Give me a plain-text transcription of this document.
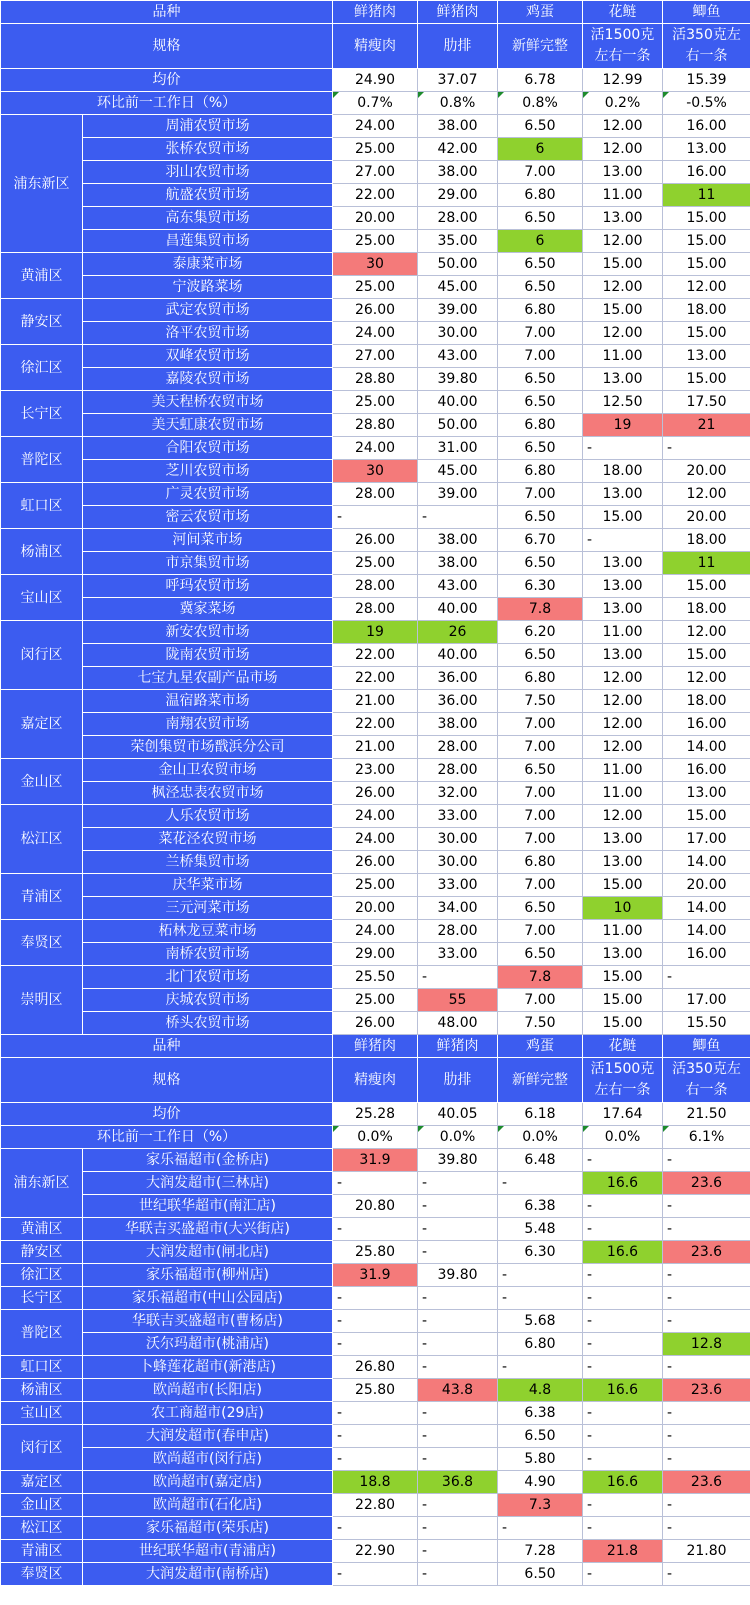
品种		鲜猪肉	鲜猪肉	鸡蛋	花鲢	鲫鱼
规格		精瘦肉	肋排	新鲜完整	活1500克左右一条	活350克左右一条
均价		24.90	37.07	6.78	12.99	15.39
环比前一工作日（%）		0.7%	0.8%	0.8%	0.2%	-0.5%
浦东新区	周浦农贸市场	24.00	38.00	6.50	12.00	16.00
	张桥农贸市场	25.00	42.00	6	12.00	13.00
	羽山农贸市场	27.00	38.00	7.00	13.00	16.00
	航盛农贸市场	22.00	29.00	6.80	11.00	11
	高东集贸市场	20.00	28.00	6.50	13.00	15.00
	昌莲集贸市场	25.00	35.00	6	12.00	15.00
黄浦区	泰康菜市场	30	50.00	6.50	15.00	15.00
	宁波路菜场	25.00	45.00	6.50	12.00	12.00
静安区	武定农贸市场	26.00	39.00	6.80	15.00	18.00
	洛平农贸市场	24.00	30.00	7.00	12.00	15.00
徐汇区	双峰农贸市场	27.00	43.00	7.00	11.00	13.00
	嘉陵农贸市场	28.80	39.80	6.50	13.00	15.00
长宁区	美天程桥农贸市场	25.00	40.00	6.50	12.50	17.50
	美天虹康农贸市场	28.80	50.00	6.80	19	21
普陀区	合阳农贸市场	24.00	31.00	6.50	-	-
	芝川农贸市场	30	45.00	6.80	18.00	20.00
虹口区	广灵农贸市场	28.00	39.00	7.00	13.00	12.00
	密云农贸市场	-	-	6.50	15.00	20.00
杨浦区	河间菜市场	26.00	38.00	6.70	-	18.00
	市京集贸市场	25.00	38.00	6.50	13.00	11
宝山区	呼玛农贸市场	28.00	43.00	6.30	13.00	15.00
	冀家菜场	28.00	40.00	7.8	13.00	18.00
闵行区	新安农贸市场	19	26	6.20	11.00	12.00
	陇南农贸市场	22.00	40.00	6.50	13.00	15.00
	七宝九星农副产品市场	22.00	36.00	6.80	12.00	12.00
嘉定区	温宿路菜市场	21.00	36.00	7.50	12.00	18.00
	南翔农贸市场	22.00	38.00	7.00	12.00	16.00
	荣创集贸市场戬浜分公司	21.00	28.00	7.00	12.00	14.00
金山区	金山卫农贸市场	23.00	28.00	6.50	11.00	16.00
	枫泾忠表农贸市场	26.00	32.00	7.00	11.00	13.00
松江区	人乐农贸市场	24.00	33.00	7.00	12.00	15.00
	菜花泾农贸市场	24.00	30.00	7.00	13.00	17.00
	兰桥集贸市场	26.00	30.00	6.80	13.00	14.00
青浦区	庆华菜市场	25.00	33.00	7.00	15.00	20.00
	三元河菜市场	20.00	34.00	6.50	10	14.00
奉贤区	柘林龙豆菜市场	24.00	28.00	7.00	11.00	14.00
	南桥农贸市场	29.00	33.00	6.50	13.00	16.00
崇明区	北门农贸市场	25.50	-	7.8	15.00	-
	庆城农贸市场	25.00	55	7.00	15.00	17.00
	桥头农贸市场	26.00	48.00	7.50	15.00	15.50
品种		鲜猪肉	鲜猪肉	鸡蛋	花鲢	鲫鱼
规格		精瘦肉	肋排	新鲜完整	活1500克左右一条	活350克左右一条
均价		25.28	40.05	6.18	17.64	21.50
环比前一工作日（%）		0.0%	0.0%	0.0%	0.0%	6.1%
浦东新区	家乐福超市(金桥店)	31.9	39.80	6.48	-	-
	大润发超市(三林店)	-	-	-	16.6	23.6
	世纪联华超市(南汇店)	20.80	-	6.38	-	-
黄浦区	华联吉买盛超市(大兴街店)	-	-	5.48	-	-
静安区	大润发超市(闸北店)	25.80	-	6.30	16.6	23.6
徐汇区	家乐福超市(柳州店)	31.9	39.80	-	-	-
长宁区	家乐福超市(中山公园店)	-	-	-	-	-
普陀区	华联吉买盛超市(曹杨店)	-	-	5.68	-	-
	沃尔玛超市(桃浦店)	-	-	6.80	-	12.8
虹口区	卜蜂莲花超市(新港店)	26.80	-	-	-	-
杨浦区	欧尚超市(长阳店)	25.80	43.8	4.8	16.6	23.6
宝山区	农工商超市(29店)	-	-	6.38	-	-
闵行区	大润发超市(春申店)	-	-	6.50	-	-
	欧尚超市(闵行店)	-	-	5.80	-	-
嘉定区	欧尚超市(嘉定店)	18.8	36.8	4.90	16.6	23.6
金山区	欧尚超市(石化店)	22.80	-	7.3	-	-
松江区	家乐福超市(荣乐店)	-	-	-	-	-
青浦区	世纪联华超市(青浦店)	22.90	-	7.28	21.8	21.80
奉贤区	大润发超市(南桥店)	-	-	6.50	-	-
